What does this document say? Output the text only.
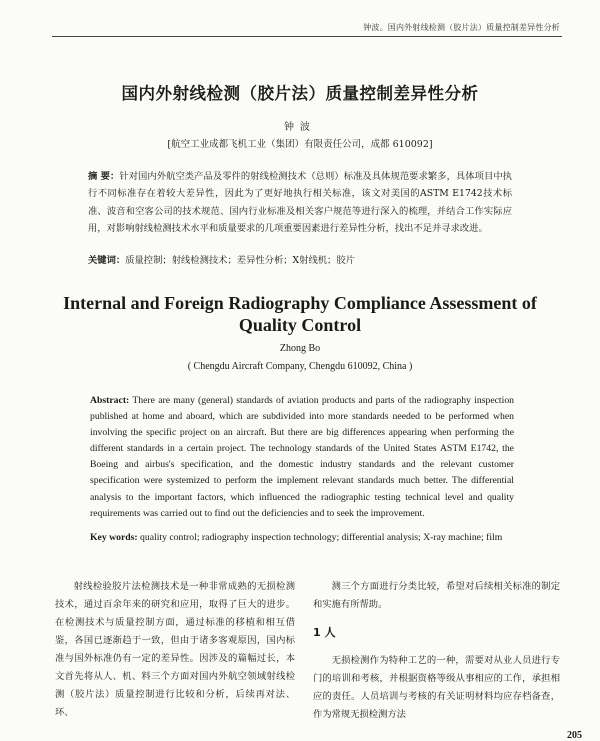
钟波。国内外射线检测（胶片法）质量控制差异性分析
国内外射线检测（胶片法）质量控制差异性分析
钟波
[航空工业成都飞机工业（集团）有限责任公司，成都 610092]
摘 要：针对国内外航空类产品及零件的射线检测技术（总则）标准及具体规范要求繁多，具体项目中执行不同标准存在着较大差异性，因此为了更好地执行相关标准，该文对美国的ASTM E1742技术标准、波音和空客公司的技术规范、国内行业标准及相关客户规范等进行深入的梳理，并结合工作实际应用，对影响射线检测技术水平和质量要求的几项重要因素进行差异性分析，找出不足并寻求改进。
关键词：质量控制；射线检测技术；差异性分析；X射线机；胶片
Internal and Foreign Radiography Compliance Assessment of
Quality Control
Zhong Bo
( Chengdu Aircraft Company, Chengdu 610092, China )
Abstract: There are many (general) standards of aviation products and parts of the radiography inspection published at home and aboard, which are subdivided into more standards needed to be performed when involving the specific project on an aircraft. But there are big differences appearing when performing the different standards in a certain project. The technology standards of the United States ASTM E1742, the Boeing and airbus's specification, and the domestic industry standards and the relevant customer specification were systemized to perform the implement relevant standards much better. The differential analysis to the important factors, which influenced the radiographic testing technical level and quality requirements was carried out to find out the deficiencies and to seek the improvement.
Key words: quality control; radiography inspection technology; differential analysis; X-ray machine; film

射线检验胶片法检测技术是一种非常成熟的无损检测技术，通过百余年来的研究和应用，取得了巨大的进步。在检测技术与质量控制方面，通过标准的移植和相互借鉴，各国已逐渐趋于一致，但由于诸多客观原因，国内标准与国外标准仍有一定的差异性。因涉及的篇幅过长，本文首先将从人、机、料三个方面对国内外航空领域射线检测（胶片法）质量控制进行比较和分析，后续再对法、环、

测三个方面进行分类比较，希望对后续相关标准的制定和实施有所帮助。

1 人

无损检测作为特种工艺的一种，需要对从业人员进行专门的培训和考核，并根据资格等级从事相应的工作，承担相应的责任。人员培训与考核的有关证明材料均应存档备查，作为常规无损检测方法

205
